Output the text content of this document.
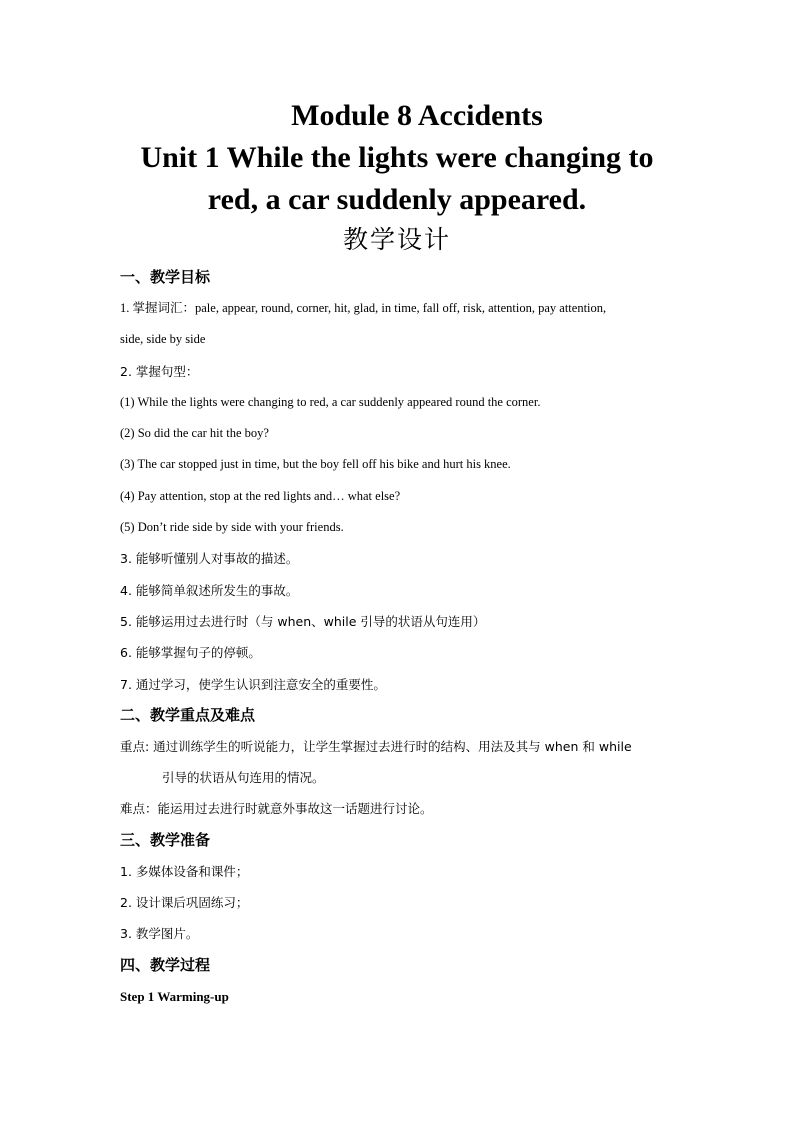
Module 8 Accidents
Unit 1 While the lights were changing to
red, a car suddenly appeared.
教学设计
一、教学目标
1. 掌握词汇：pale, appear, round, corner, hit, glad, in time, fall off, risk, attention, pay attention,
side, side by side
2. 掌握句型：
(1) While the lights were changing to red, a car suddenly appeared round the corner.
(2) So did the car hit the boy?
(3) The car stopped just in time, but the boy fell off his bike and hurt his knee.
(4) Pay attention, stop at the red lights and… what else?
(5) Don’t ride side by side with your friends.
3. 能够听懂别人对事故的描述。
4. 能够简单叙述所发生的事故。
5. 能够运用过去进行时（与 when、while 引导的状语从句连用）
6. 能够掌握句子的停顿。
7. 通过学习，使学生认识到注意安全的重要性。
二、教学重点及难点
重点: 通过训练学生的听说能力，让学生掌握过去进行时的结构、用法及其与 when 和 while
引导的状语从句连用的情况。
难点：能运用过去进行时就意外事故这一话题进行讨论。
三、教学准备
1. 多媒体设备和课件；
2. 设计课后巩固练习；
3. 教学图片。
四、教学过程
Step 1 Warming-up
